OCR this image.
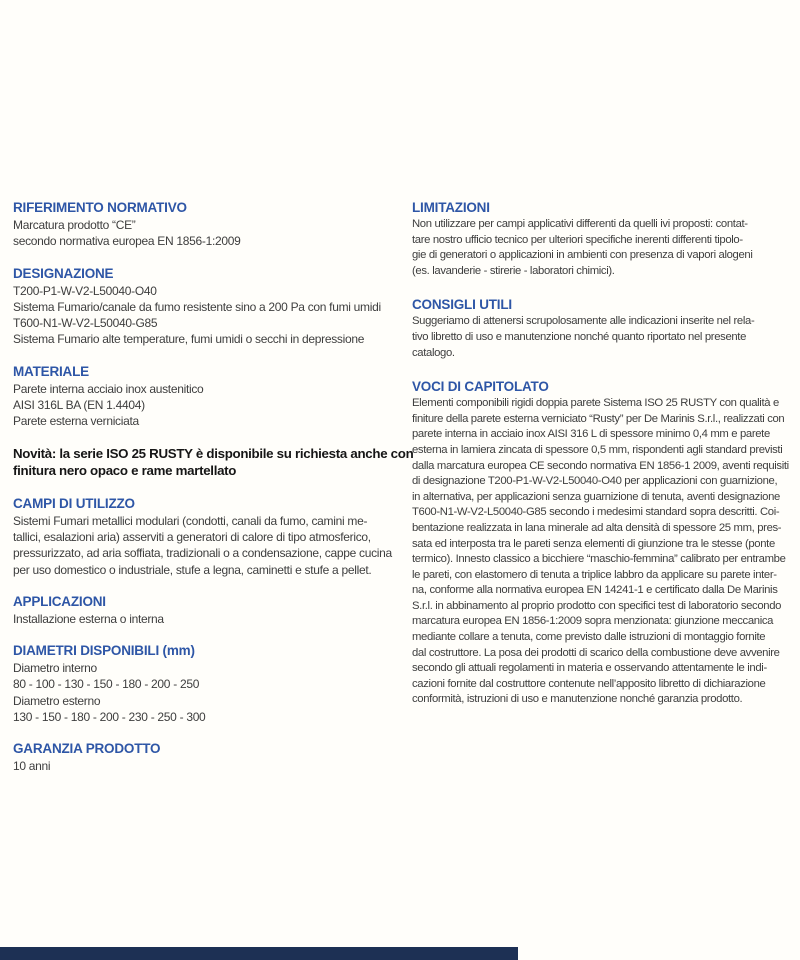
RIFERIMENTO NORMATIVO
Marcatura prodotto “CE”
secondo normativa europea EN 1856-1:2009
DESIGNAZIONE
T200-P1-W-V2-L50040-O40
Sistema Fumario/canale da fumo resistente sino a 200 Pa con fumi umidi
T600-N1-W-V2-L50040-G85
Sistema Fumario alte temperature, fumi umidi o secchi in depressione
MATERIALE
Parete interna acciaio inox austenitico
AISI 316L BA (EN 1.4404)
Parete esterna verniciata

Novità: la serie ISO 25 RUSTY è disponibile su richiesta anche con
finitura nero opaco e rame martellato

CAMPI DI UTILIZZO
Sistemi Fumari metallici modulari (condotti, canali da fumo, camini me-
tallici, esalazioni aria) asserviti a generatori di calore di tipo atmosferico,
pressurizzato, ad aria soffiata, tradizionali o a condensazione, cappe cucina
per uso domestico o industriale, stufe a legna, caminetti e stufe a pellet.
APPLICAZIONI
Installazione esterna o interna
DIAMETRI DISPONIBILI (mm)
Diametro interno
80 - 100 - 130 - 150 - 180 - 200 - 250
Diametro esterno
130 - 150 - 180 - 200 - 230 - 250 - 300
GARANZIA PRODOTTO
10 anni
LIMITAZIONI
Non utilizzare per campi applicativi differenti da quelli ivi proposti: contat-
tare nostro ufficio tecnico per ulteriori specifiche inerenti differenti tipolo-
gie di generatori o applicazioni in ambienti con presenza di vapori alogeni
(es. lavanderie - stirerie - laboratori chimici).
CONSIGLI UTILI
Suggeriamo di attenersi scrupolosamente alle indicazioni inserite nel rela-
tivo libretto di uso e manutenzione nonché quanto riportato nel presente
catalogo.
VOCI DI CAPITOLATO
Elementi componibili rigidi doppia parete Sistema ISO 25 RUSTY con qualità e
finiture della parete esterna verniciato “Rusty” per De Marinis S.r.l., realizzati con
parete interna in acciaio inox AISI 316 L di spessore minimo 0,4 mm e parete
esterna in lamiera zincata di spessore 0,5 mm, rispondenti agli standard previsti
dalla marcatura europea CE secondo normativa EN 1856-1 2009, aventi requisiti
di designazione T200-P1-W-V2-L50040-O40 per applicazioni con guarnizione,
in alternativa, per applicazioni senza guarnizione di tenuta, aventi designazione
T600-N1-W-V2-L50040-G85 secondo i medesimi standard sopra descritti. Coi-
bentazione realizzata in lana minerale ad alta densità di spessore 25 mm, pres-
sata ed interposta tra le pareti senza elementi di giunzione tra le stesse (ponte
termico). Innesto classico a bicchiere “maschio-femmina” calibrato per entrambe
le pareti, con elastomero di tenuta a triplice labbro da applicare su parete inter-
na, conforme alla normativa europea EN 14241-1 e certificato dalla De Marinis
S.r.l. in abbinamento al proprio prodotto con specifici test di laboratorio secondo
marcatura europea EN 1856-1:2009 sopra menzionata: giunzione meccanica
mediante collare a tenuta, come previsto dalle istruzioni di montaggio fornite
dal costruttore. La posa dei prodotti di scarico della combustione deve avvenire
secondo gli attuali regolamenti in materia e osservando attentamente le indi-
cazioni fornite dal costruttore contenute nell’apposito libretto di dichiarazione
conformità, istruzioni di uso e manutenzione nonché garanzia prodotto.
